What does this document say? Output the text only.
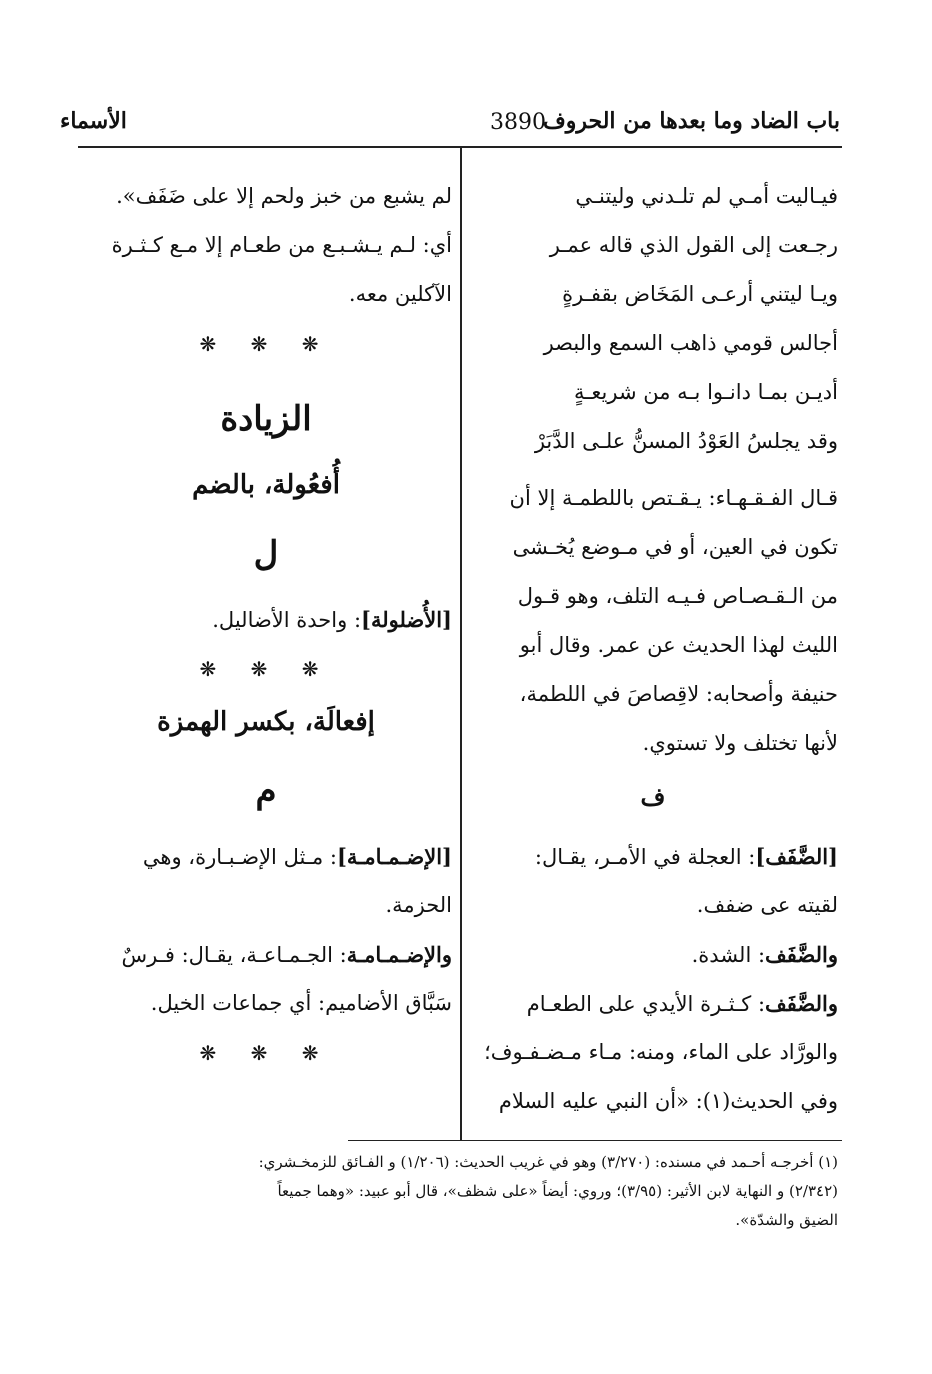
باب الضاد وما بعدها من الحروف
3890
الأسماء
فيـاليت أمـي لم تلـدني وليتنـي
رجـعت إلى القول الذي قاله عمـر
ويـا ليتني أرعـى المَخَاض بقفـرةٍ
أجالس قومي ذاهب السمع والبصر
أديـن بمـا دانـوا بـه من شريعـةٍ
وقد يجلسُ العَوْدُ المسنُّ علـى الدَّبَرْ
قـال الفـقـهـاء: يـقـتص باللطمـة إلا أن
تكون في العين، أو في مـوضع يُخـشى
من الـقـصـاص فـيـه التلف، وهو قـول
الليث لهذا الحديث عن عمر. وقال أبو
حنيفة وأصحابه: لاقِصاصَ في اللطمة،
لأنها تختلف ولا تستوي.
ف
[الضَّفَف]: العجلة في الأمـر، يقـال:
لقيته عى ضفف.
والضَّفَف: الشدة.
والضَّفَف: كـثـرة الأيدي على الطعـام
والورَّاد على الماء، ومنه: مـاء مـضـفـوف؛
وفي الحديث(١): «أن النبي عليه السلام
لم يشبع من خبز ولحم إلا على ضَفَف».
أي: لـم يـشـبـع من طعـام إلا مـع كـثـرة
الآكلين معه.
❋ ❋ ❋
الزيادة
أُفعُولة، بالضم
ل
[الأُضلولة]: واحدة الأضاليل.
❋ ❋ ❋
إفعالَة، بكسر الهمزة
م
[الإضـمـامـة]: مـثل الإضـبـارة، وهي
الحزمة.
والإضـمـامـة: الجـمـاعـة، يقـال: فـرسٌ
سَبَّاق الأضاميم: أي جماعات الخيل.
❋ ❋ ❋
(١) أخرجـه أحـمد في مسنده: (٣/٢٧٠) وهو في غريب الحديث: (١/٢٠٦) و الفـائق للزمخـشري:
(٢/٣٤٢) و النهاية لابن الأثير: (٣/٩٥)؛ وروي: أيضاً «على شظف»، قال أبو عبيد: «وهما جميعاً
الضيق والشدّة».
